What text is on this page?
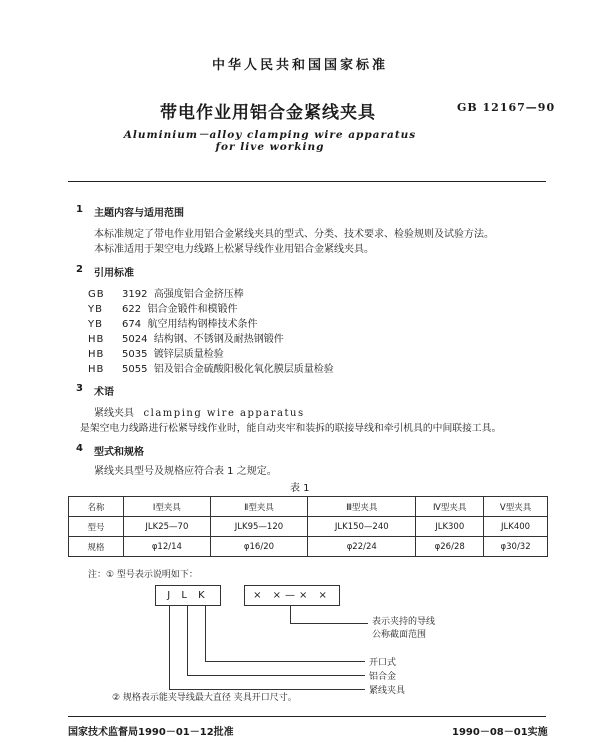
中华人民共和国国家标准
带电作业用铝合金紧线夹具	GB 12167—90
Aluminium－alloy clamping wire apparatus
for live working
1 主题内容与适用范围
本标准规定了带电作业用铝合金紧线夹具的型式、分类、技术要求、检验规则及试验方法。
本标准适用于架空电力线路上松紧导线作业用铝合金紧线夹具。
2 引用标准
GB 3192 高强度铝合金挤压棒
YB 622 铝合金锻件和模锻件
YB 674 航空用结构钢棒技术条件
HB 5024 结构钢、不锈钢及耐热钢锻件
HB 5035 镀锌层质量检验
HB 5055 铝及铝合金硫酸阳极化氧化膜层质量检验
3 术语
紧线夹具 clamping wire apparatus
是架空电力线路进行松紧导线作业时，能自动夹牢和装拆的联接导线和牵引机具的中间联接工具。
4 型式和规格
紧线夹具型号及规格应符合表 1 之规定。
表 1
名称	Ⅰ型夹具	Ⅱ型夹具	Ⅲ型夹具	Ⅳ型夹具	Ⅴ型夹具
型号	JLK25—70	JLK95—120	JLK150—240	JLK300	JLK400
规格	φ12/14	φ16/20	φ22/24	φ26/28	φ30/32
注：① 型号表示说明如下：
J L K	× ×—× ×
表示夹持的导线
公称截面范围
开口式
铝合金
紧线夹具
② 规格表示能夹导线最大直径 夹具开口尺寸。
国家技术监督局1990－01－12批准	1990－08－01实施
